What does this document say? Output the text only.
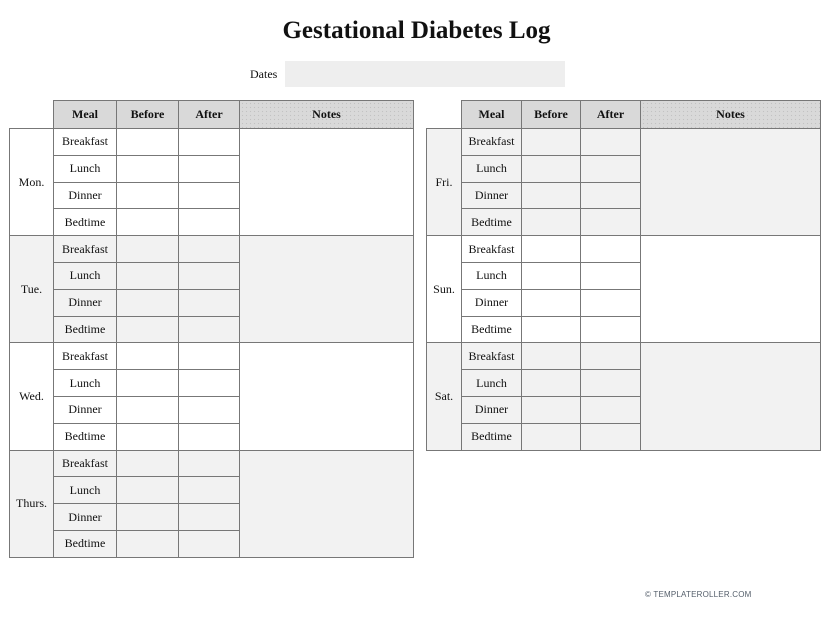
Gestational Diabetes Log
Dates
	Meal	Before	After	Notes
Mon.	Breakfast			
	Lunch			
	Dinner			
	Bedtime			
Tue.	Breakfast			
	Lunch			
	Dinner			
	Bedtime			
Wed.	Breakfast			
	Lunch			
	Dinner			
	Bedtime			
Thurs.	Breakfast			
	Lunch			
	Dinner			
	Bedtime			
	Meal	Before	After	Notes
Fri.	Breakfast			
	Lunch			
	Dinner			
	Bedtime			
Sun.	Breakfast			
	Lunch			
	Dinner			
	Bedtime			
Sat.	Breakfast			
	Lunch			
	Dinner			
	Bedtime			
© TEMPLATEROLLER.COM
